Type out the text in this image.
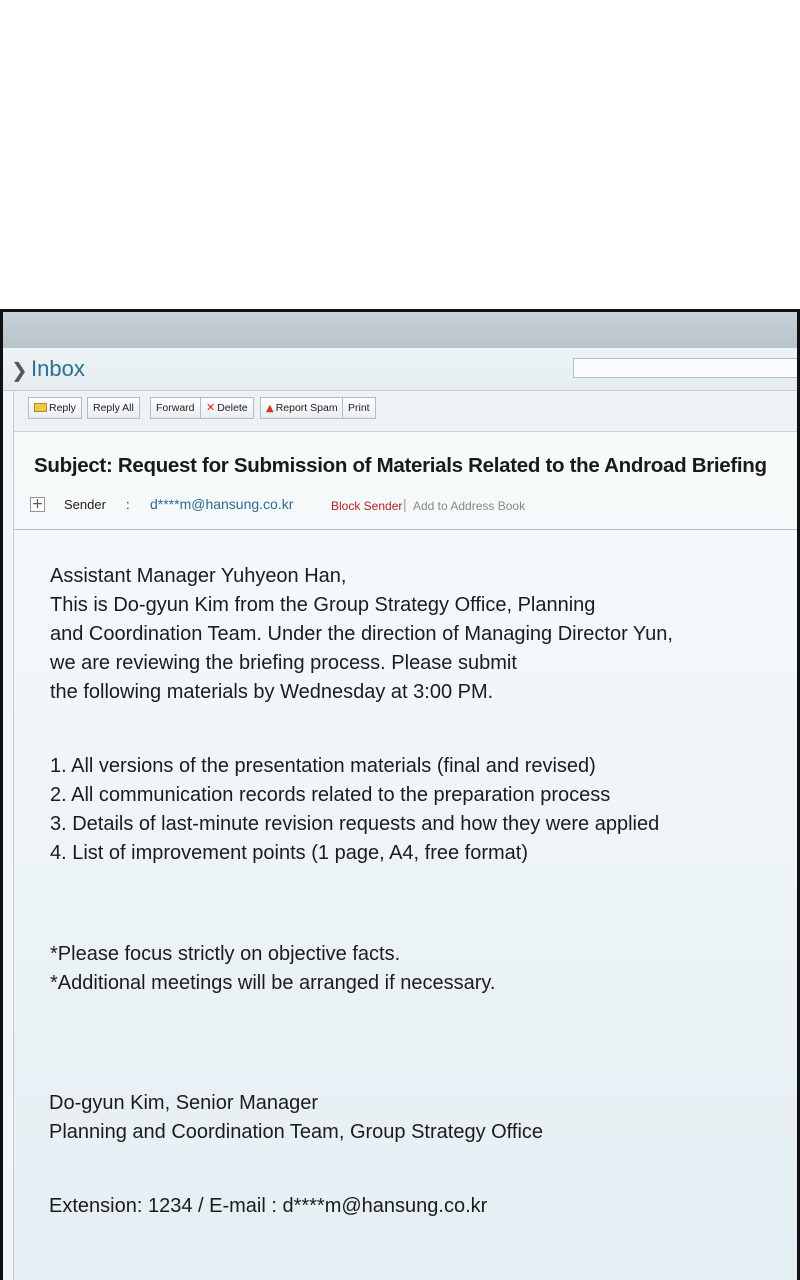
❯ Inbox
Reply	Reply All	Forward	✕ Delete	▲ Report Spam Print
Subject: Request for Submission of Materials Related to the Androad Briefing
+ Sender : d****m@hansung.co.kr	Block Sender | Add to Address Book
Assistant Manager Yuhyeon Han,
This is Do-gyun Kim from the Group Strategy Office, Planning
and Coordination Team. Under the direction of Managing Director Yun,
we are reviewing the briefing process. Please submit
the following materials by Wednesday at 3:00 PM.
1. All versions of the presentation materials (final and revised)
2. All communication records related to the preparation process
3. Details of last-minute revision requests and how they were applied
4. List of improvement points (1 page, A4, free format)
*Please focus strictly on objective facts.
*Additional meetings will be arranged if necessary.
Do-gyun Kim, Senior Manager
Planning and Coordination Team, Group Strategy Office
Extension: 1234 / E-mail : d****m@hansung.co.kr
